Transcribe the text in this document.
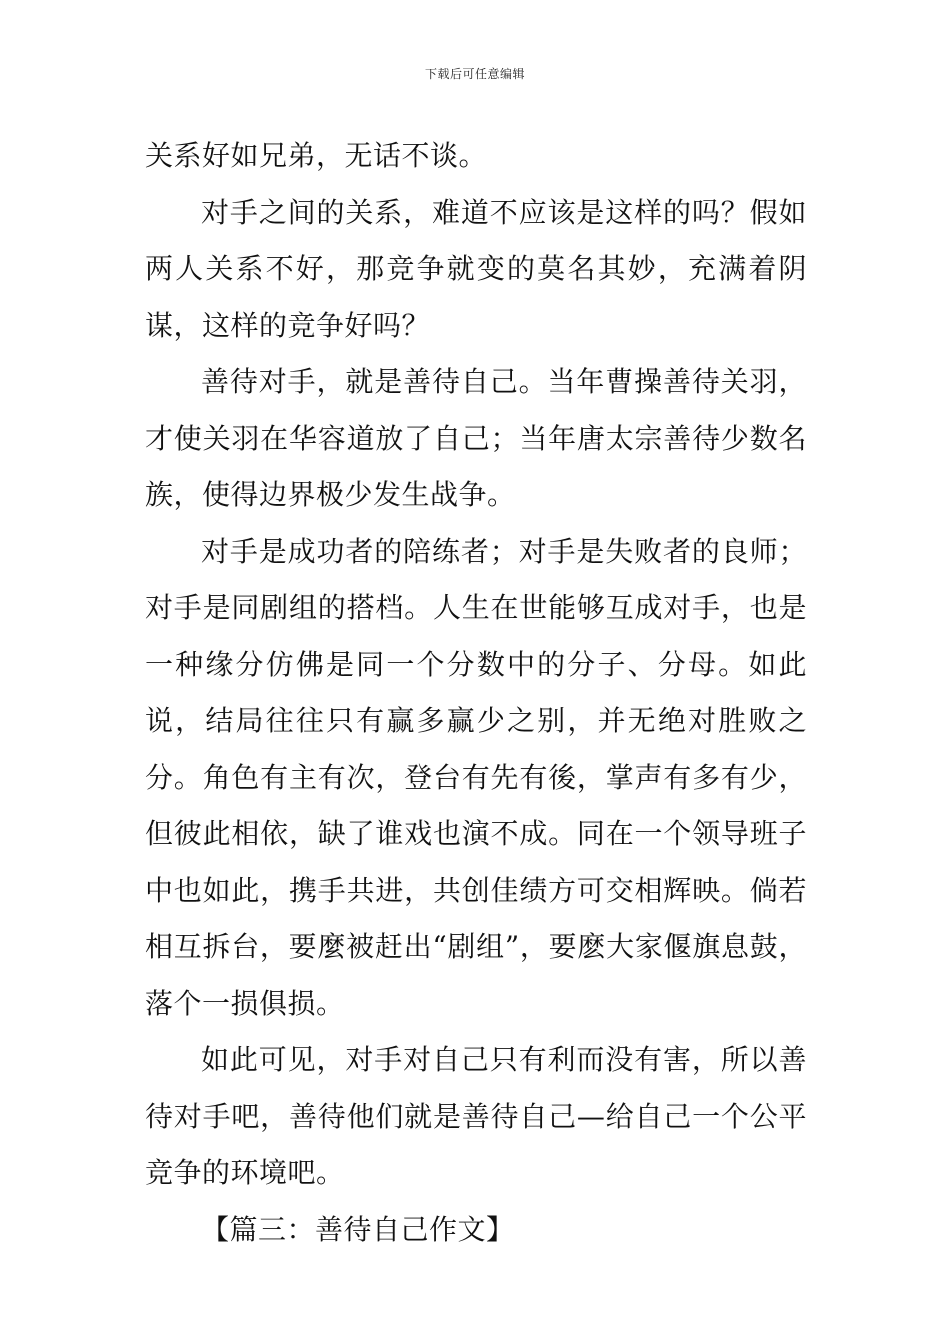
下载后可任意编辑

关系好如兄弟，无话不谈。

对手之间的关系，难道不应该是这样的吗？假如两人关系不好，那竞争就变的莫名其妙，充满着阴谋，这样的竞争好吗？

善待对手，就是善待自己。当年曹操善待关羽，才使关羽在华容道放了自己；当年唐太宗善待少数名族，使得边界极少发生战争。

对手是成功者的陪练者；对手是失败者的良师；对手是同剧组的搭档。人生在世能够互成对手，也是一种缘分仿佛是同一个分数中的分子、分母。如此说，结局往往只有赢多赢少之别，并无绝对胜败之分。角色有主有次，登台有先有後，掌声有多有少，但彼此相依，缺了谁戏也演不成。同在一个领导班子中也如此，携手共进，共创佳绩方可交相辉映。倘若相互拆台，要麼被赶出“剧组”，要麽大家偃旗息鼓，落个一损俱损。

如此可见，对手对自己只有利而没有害，所以善待对手吧，善待他们就是善待自己—给自己一个公平竞争的环境吧。

【篇三：善待自己作文】
